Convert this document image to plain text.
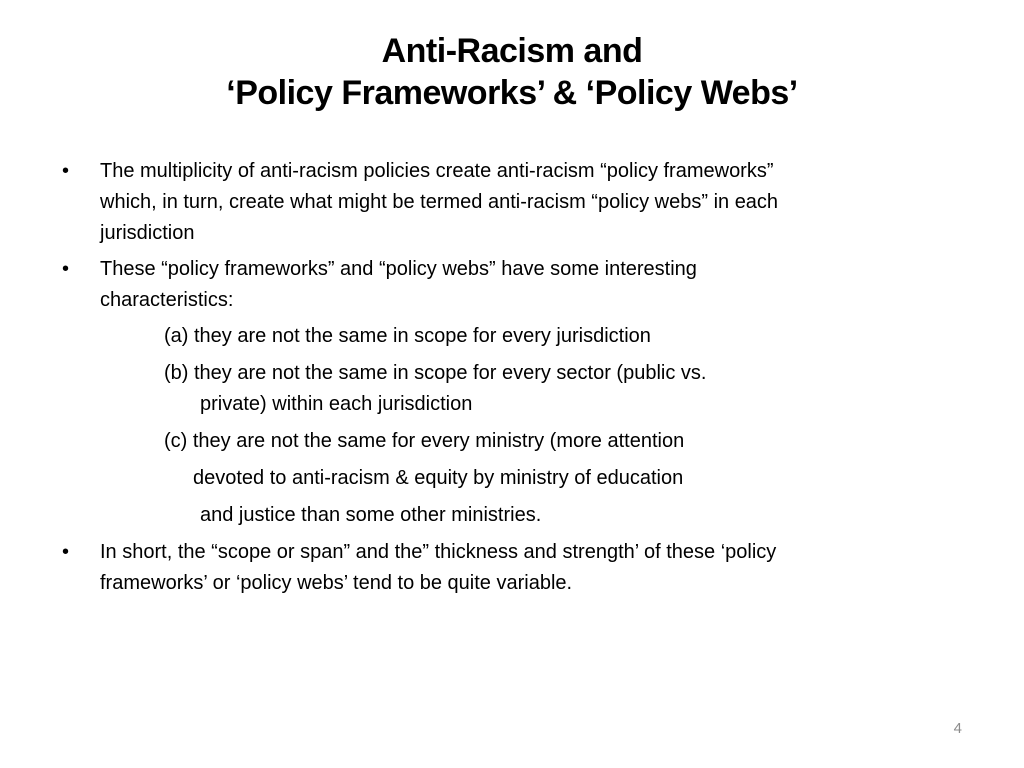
Anti-Racism and
‘Policy Frameworks’ & ‘Policy Webs’
• The multiplicity of anti-racism policies create anti-racism “policy frameworks”
which, in turn, create what might be termed anti-racism “policy webs” in each
jurisdiction
• These “policy frameworks” and “policy webs” have some interesting
characteristics:
(a) they are not the same in scope for every jurisdiction
(b) they are not the same in scope for every sector (public vs.
private) within each jurisdiction
(c) they are not the same for every ministry (more attention
devoted to anti-racism & equity by ministry of education
and justice than some other ministries.
• In short, the “scope or span” and the” thickness and strength’ of these ‘policy
frameworks’ or ‘policy webs’ tend to be quite variable.
4
